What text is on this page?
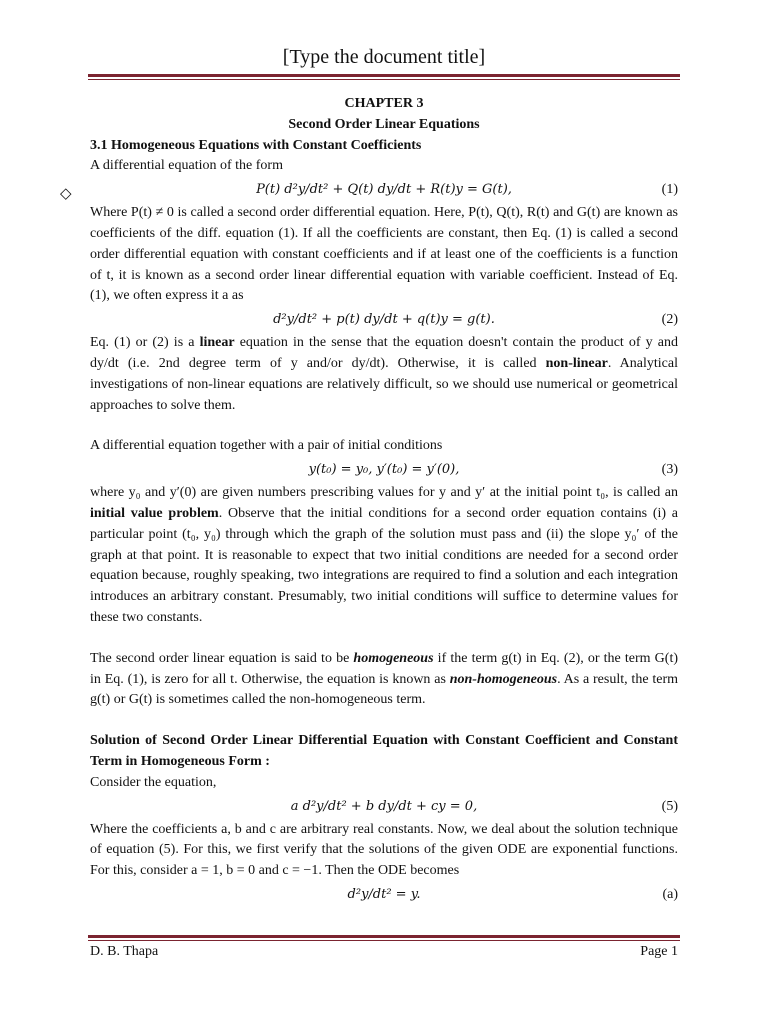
[Type the document title]
◇

CHAPTER 3

Second Order Linear Equations

3.1 Homogeneous Equations with Constant Coefficients

A differential equation of the form

P(t) d²y/dt² + Q(t) dy/dt + R(t)y = G(t),	(1)

Where P(t) ≠ 0 is called a second order differential equation. Here, P(t), Q(t), R(t) and G(t) are known as coefficients of the diff. equation (1). If all the coefficients are constant, then Eq. (1) is called a second order differential equation with constant coefficients and if at least one of the coefficients is a function of t, it is known as a second order linear differential equation with variable coefficient. Instead of Eq. (1), we often express it a as

d²y/dt² + p(t) dy/dt + q(t)y = g(t).	(2)

Eq. (1) or (2) is a linear equation in the sense that the equation doesn't contain the product of y and dy/dt (i.e. 2nd degree term of y and/or dy/dt). Otherwise, it is called non-linear. Analytical investigations of non-linear equations are relatively difficult, so we should use numerical or geometrical approaches to solve them.

A differential equation together with a pair of initial conditions

y(t₀) = y₀, y′(t₀) = y′(0),	(3)

where y₀ and y′(0) are given numbers prescribing values for y and y′ at the initial point t₀, is called an initial value problem. Observe that the initial conditions for a second order equation contains (i) a particular point (t₀, y₀) through which the graph of the solution must pass and (ii) the slope y₀′ of the graph at that point. It is reasonable to expect that two initial conditions are needed for a second order equation because, roughly speaking, two integrations are required to find a solution and each integration introduces an arbitrary constant. Presumably, two initial conditions will suffice to determine values for these two constants.

The second order linear equation is said to be homogeneous if the term g(t) in Eq. (2), or the term G(t) in Eq. (1), is zero for all t. Otherwise, the equation is known as non-homogeneous. As a result, the term g(t) or G(t) is sometimes called the non-homogeneous term.

Solution of Second Order Linear Differential Equation with Constant Coefficient and Constant Term in Homogeneous Form :

Consider the equation,

a d²y/dt² + b dy/dt + cy = 0,	(5)

Where the coefficients a, b and c are arbitrary real constants. Now, we deal about the solution technique of equation (5). For this, we first verify that the solutions of the given ODE are exponential functions. For this, consider a = 1, b = 0 and c = −1. Then the ODE becomes

d²y/dt² = y.	(a)
D. B. Thapa	Page 1
